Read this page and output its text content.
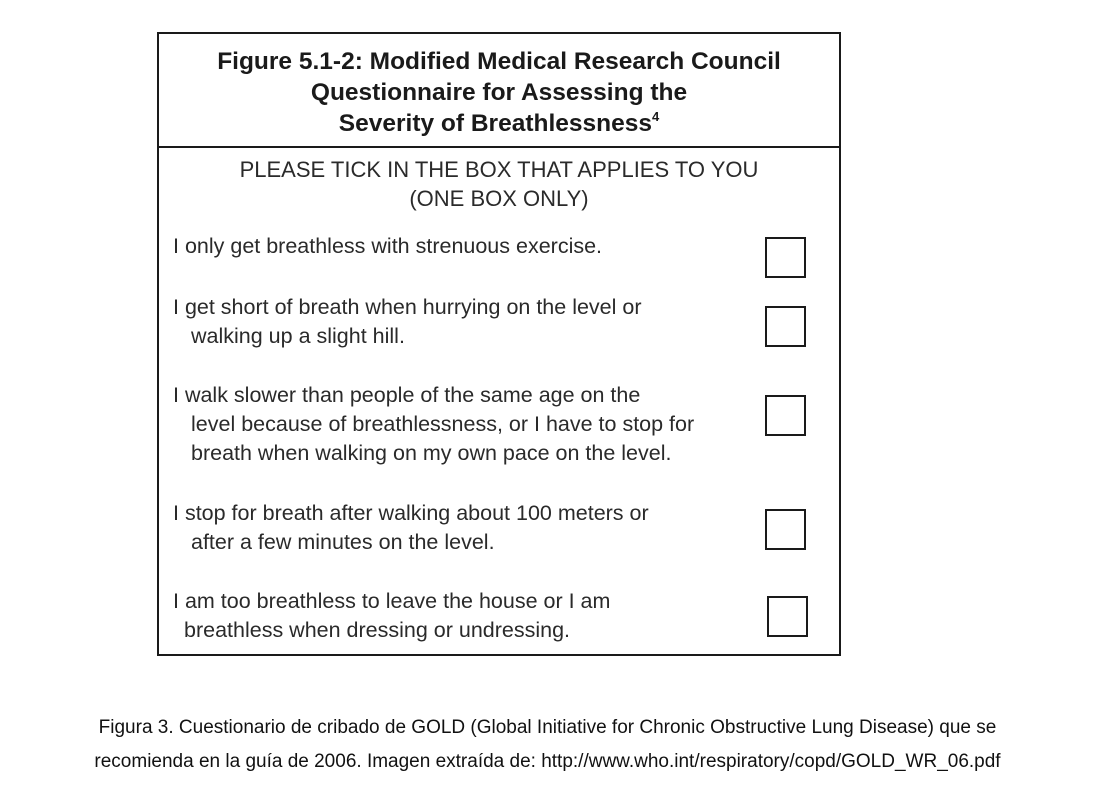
Figure 5.1-2: Modified Medical Research Council
Questionnaire for Assessing the
Severity of Breathlessness$^4$
PLEASE TICK IN THE BOX THAT APPLIES TO YOU
(ONE BOX ONLY)
I only get breathless with strenuous exercise.
I get short of breath when hurrying on the level or
walking up a slight hill.
I walk slower than people of the same age on the
level because of breathlessness, or I have to stop for
breath when walking on my own pace on the level.
I stop for breath after walking about 100 meters or
after a few minutes on the level.
I am too breathless to leave the house or I am
breathless when dressing or undressing.
Figura 3. Cuestionario de cribado de GOLD (Global Initiative for Chronic Obstructive Lung Disease) que se
recomienda en la guía de 2006. Imagen extraída de: http://www.who.int/respiratory/copd/GOLD_WR_06.pdf
